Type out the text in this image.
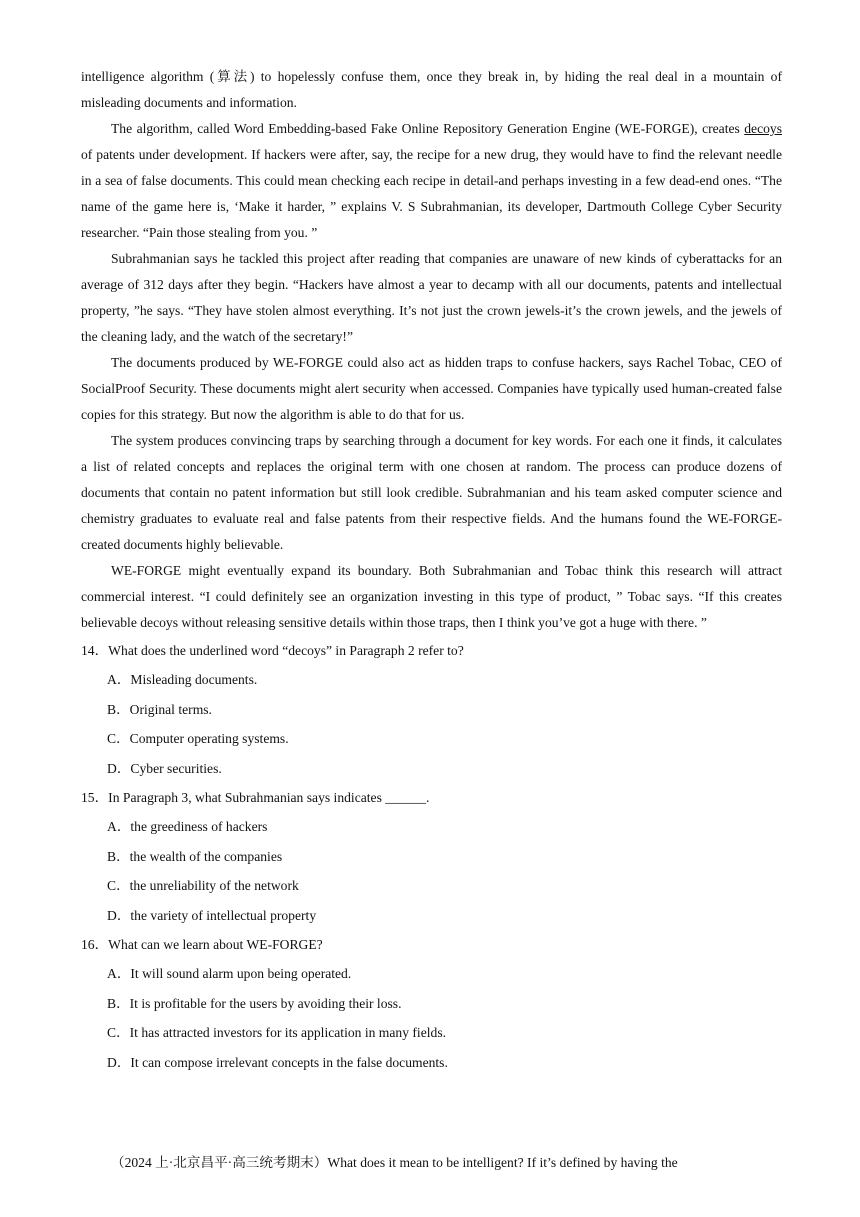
intelligence algorithm (算法) to hopelessly confuse them, once they break in, by hiding the real deal in a mountain of misleading documents and information.

The algorithm, called Word Embedding-based Fake Online Repository Generation Engine (WE-FORGE), creates decoys of patents under development. If hackers were after, say, the recipe for a new drug, they would have to find the relevant needle in a sea of false documents. This could mean checking each recipe in detail-and perhaps investing in a few dead-end ones. “The name of the game here is, ‘Make it harder, ” explains V. S Subrahmanian, its developer, Dartmouth College Cyber Security researcher. “Pain those stealing from you. ”

Subrahmanian says he tackled this project after reading that companies are unaware of new kinds of cyberattacks for an average of 312 days after they begin. “Hackers have almost a year to decamp with all our documents, patents and intellectual property, ”he says. “They have stolen almost everything. It’s not just the crown jewels-it’s the crown jewels, and the jewels of the cleaning lady, and the watch of the secretary!”

The documents produced by WE-FORGE could also act as hidden traps to confuse hackers, says Rachel Tobac, CEO of SocialProof Security. These documents might alert security when accessed. Companies have typically used human-created false copies for this strategy. But now the algorithm is able to do that for us.

The system produces convincing traps by searching through a document for key words. For each one it finds, it calculates a list of related concepts and replaces the original term with one chosen at random. The process can produce dozens of documents that contain no patent information but still look credible. Subrahmanian and his team asked computer science and chemistry graduates to evaluate real and false patents from their respective fields. And the humans found the WE-FORGE-created documents highly believable.

WE-FORGE might eventually expand its boundary. Both Subrahmanian and Tobac think this research will attract commercial interest. “I could definitely see an organization investing in this type of product, ” Tobac says. “If this creates believable decoys without releasing sensitive details within those traps, then I think you’ve got a huge with there. ”

14．What does the underlined word “decoys” in Paragraph 2 refer to?

A．Misleading documents.

B．Original terms.

C．Computer operating systems.

D．Cyber securities.

15．In Paragraph 3, what Subrahmanian says indicates ______.

A．the greediness of hackers

B．the wealth of the companies

C．the unreliability of the network

D．the variety of intellectual property

16．What can we learn about WE-FORGE?

A．It will sound alarm upon being operated.

B．It is profitable for the users by avoiding their loss.

C．It has attracted investors for its application in many fields.

D．It can compose irrelevant concepts in the false documents.

（2024 上·北京昌平·高三统考期末）What does it mean to be intelligent? If it’s defined by having the
